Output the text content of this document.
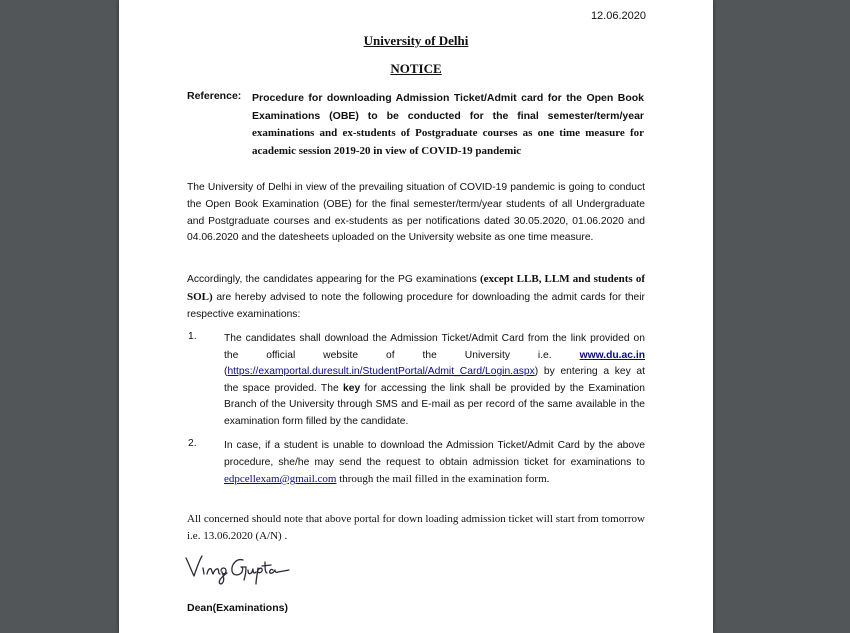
12.06.2020

University of Delhi

NOTICE

Reference: Procedure for downloading Admission Ticket/Admit card for the Open Book Examinations (OBE) to be conducted for the final semester/term/year examinations and ex-students of Postgraduate courses as one time measure for academic session 2019-20 in view of COVID-19 pandemic

The University of Delhi in view of the prevailing situation of COVID-19 pandemic is going to conduct the Open Book Examination (OBE) for the final semester/term/year students of all Undergraduate and Postgraduate courses and ex-students as per notifications dated 30.05.2020, 01.06.2020 and 04.06.2020 and the datesheets uploaded on the University website as one time measure.

Accordingly, the candidates appearing for the PG examinations (except LLB, LLM and students of SOL) are hereby advised to note the following procedure for downloading the admit cards for their respective examinations:

1.	The candidates shall download the Admission Ticket/Admit Card from the link provided on the official website of the University i.e. www.du.ac.in (https://examportal.duresult.in/StudentPortal/Admit_Card/Login.aspx) by entering a key at the space provided. The key for accessing the link shall be provided by the Examination Branch of the University through SMS and E-mail as per record of the same available in the examination form filled by the candidate.

2.	In case, if a student is unable to download the Admission Ticket/Admit Card by the above procedure, she/he may send the request to obtain admission ticket for examinations to edpcellexam@gmail.com through the mail filled in the examination form.

All concerned should note that above portal for down loading admission ticket will start from tomorrow i.e. 13.06.2020 (A/N) .

Dean(Examinations)
